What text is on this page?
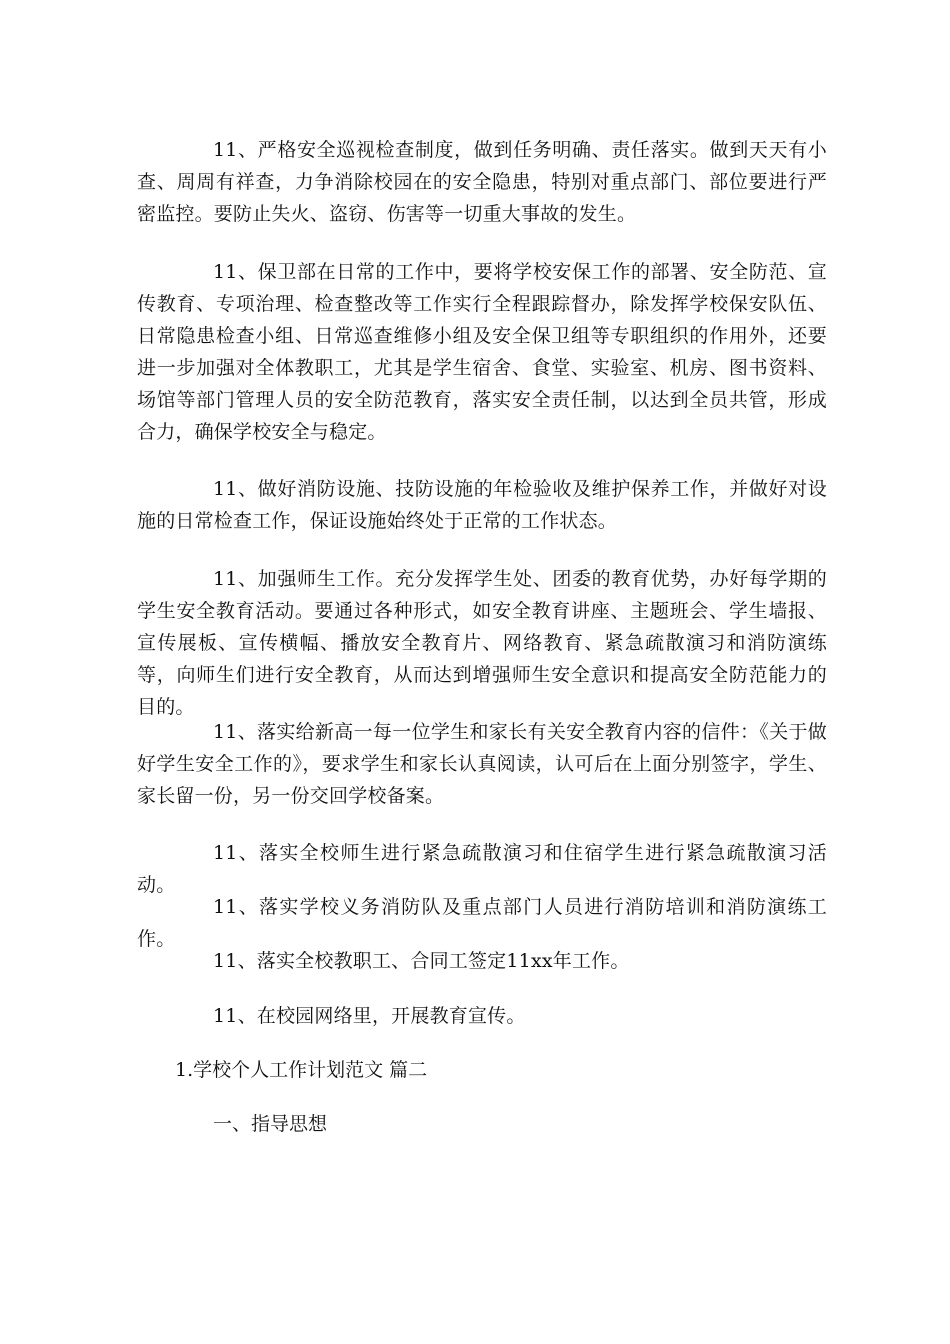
11、严格安全巡视检查制度，做到任务明确、责任落实。做到天天有小查、周周有祥查，力争消除校园在的安全隐患，特别对重点部门、部位要进行严密监控。要防止失火、盗窃、伤害等一切重大事故的发生。

11、保卫部在日常的工作中，要将学校安保工作的部署、安全防范、宣传教育、专项治理、检查整改等工作实行全程跟踪督办，除发挥学校保安队伍、日常隐患检查小组、日常巡查维修小组及安全保卫组等专职组织的作用外，还要进一步加强对全体教职工，尤其是学生宿舍、食堂、实验室、机房、图书资料、场馆等部门管理人员的安全防范教育，落实安全责任制，以达到全员共管，形成合力，确保学校安全与稳定。

11、做好消防设施、技防设施的年检验收及维护保养工作，并做好对设施的日常检查工作，保证设施始终处于正常的工作状态。

11、加强师生工作。充分发挥学生处、团委的教育优势，办好每学期的学生安全教育活动。要通过各种形式，如安全教育讲座、主题班会、学生墙报、宣传展板、宣传横幅、播放安全教育片、网络教育、紧急疏散演习和消防演练等，向师生们进行安全教育，从而达到增强师生安全意识和提高安全防范能力的目的。

11、落实给新高一每一位学生和家长有关安全教育内容的信件：《关于做好学生安全工作的》，要求学生和家长认真阅读，认可后在上面分别签字，学生、家长留一份，另一份交回学校备案。

11、落实全校师生进行紧急疏散演习和住宿学生进行紧急疏散演习活动。

11、落实学校义务消防队及重点部门人员进行消防培训和消防演练工作。

11、落实全校教职工、合同工签定11xx年工作。

11、在校园网络里，开展教育宣传。

1.学校个人工作计划范文 篇二

一、指导思想
